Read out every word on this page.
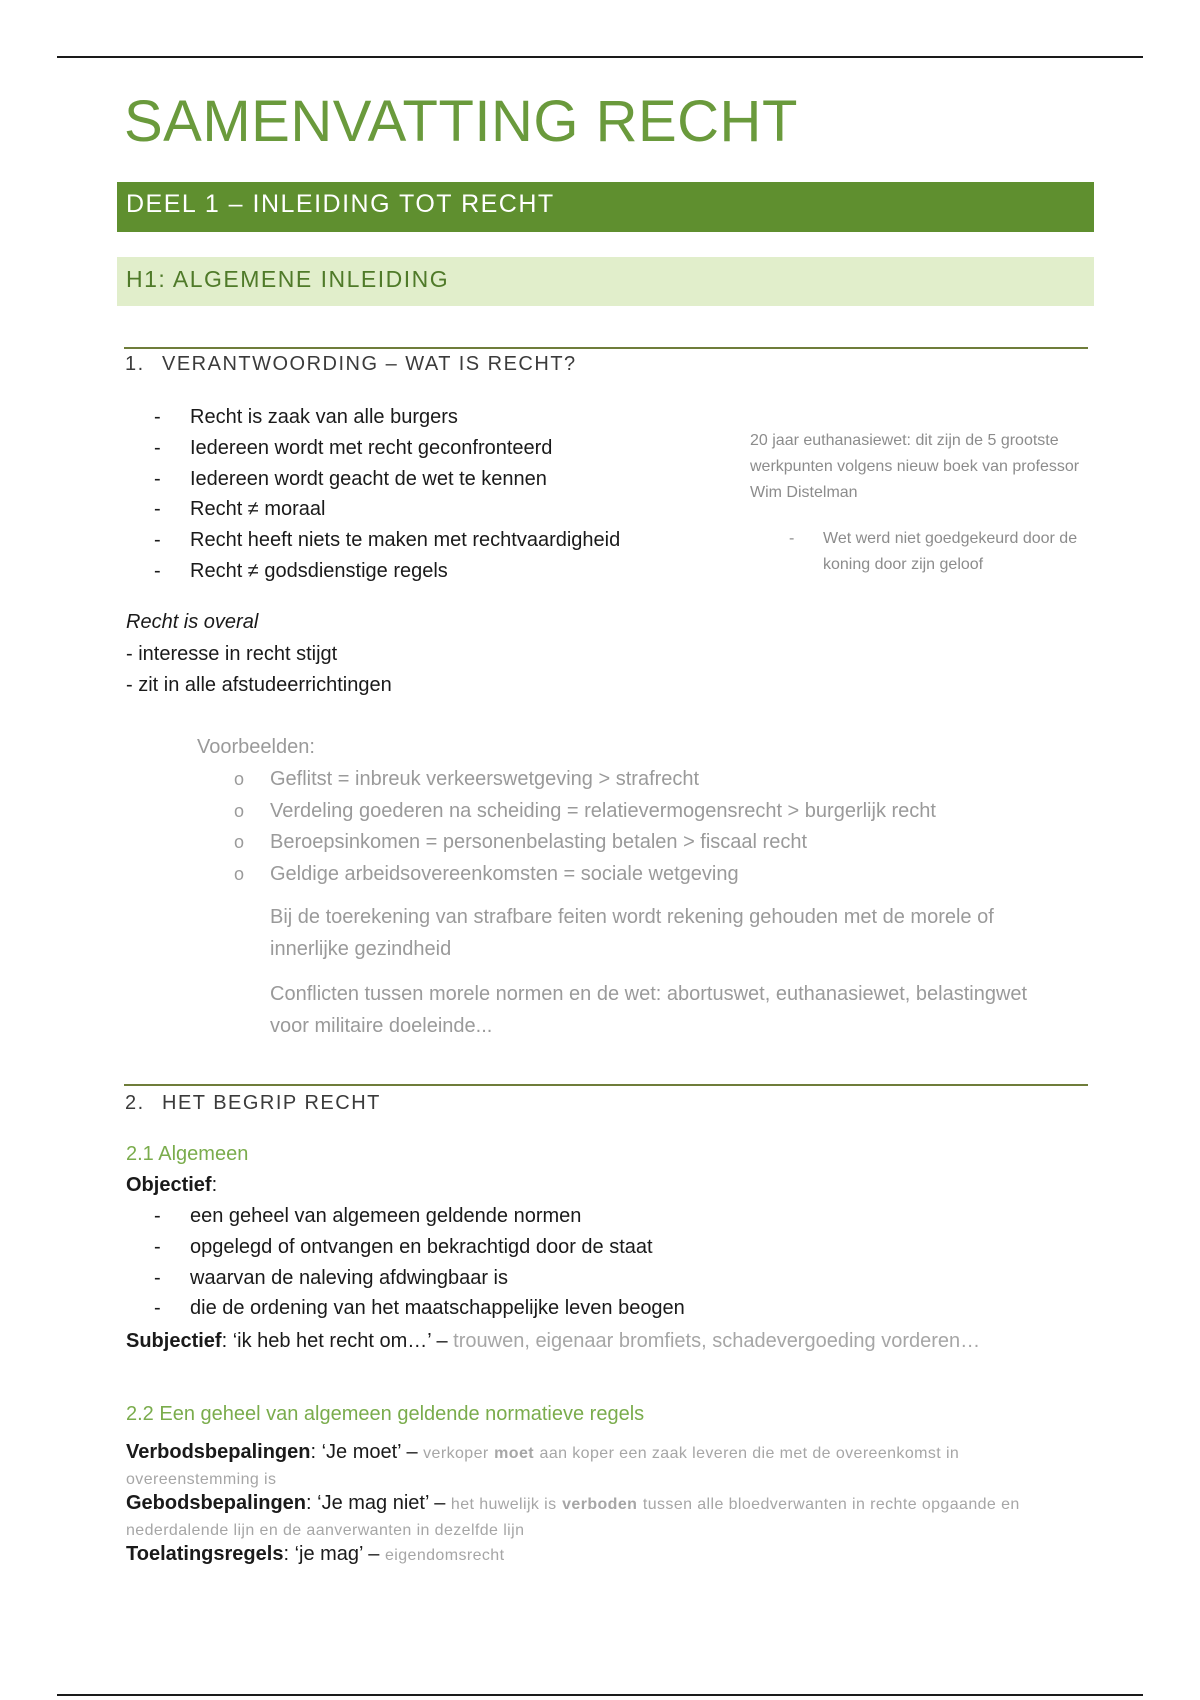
SAMENVATTING RECHT
DEEL 1 – INLEIDING TOT RECHT
H1: ALGEMENE INLEIDING
1. VERANTWOORDING – WAT IS RECHT?
- Recht is zaak van alle burgers
- Iedereen wordt met recht geconfronteerd
- Iedereen wordt geacht de wet te kennen
- Recht ≠ moraal
- Recht heeft niets te maken met rechtvaardigheid
- Recht ≠ godsdienstige regels
20 jaar euthanasiewet: dit zijn de 5 grootste werkpunten volgens nieuw boek van professor Wim Distelman
- Wet werd niet goedgekeurd door de koning door zijn geloof
Recht is overal
- interesse in recht stijgt
- zit in alle afstudeerrichtingen
Voorbeelden:
o Geflitst = inbreuk verkeerswetgeving > strafrecht
o Verdeling goederen na scheiding = relatievermogensrecht > burgerlijk recht
o Beroepsinkomen = personenbelasting betalen > fiscaal recht
o Geldige arbeidsovereenkomsten = sociale wetgeving
Bij de toerekening van strafbare feiten wordt rekening gehouden met de morele of innerlijke gezindheid
Conflicten tussen morele normen en de wet: abortuswet, euthanasiewet, belastingwet voor militaire doeleinde...
2. HET BEGRIP RECHT
2.1 Algemeen
Objectief:
- een geheel van algemeen geldende normen
- opgelegd of ontvangen en bekrachtigd door de staat
- waarvan de naleving afdwingbaar is
- die de ordening van het maatschappelijke leven beogen
Subjectief: ‘ik heb het recht om…’ – trouwen, eigenaar bromfiets, schadevergoeding vorderen…
2.2 Een geheel van algemeen geldende normatieve regels
Verbodsbepalingen: ‘Je moet’ – verkoper moet aan koper een zaak leveren die met de overeenkomst in overeenstemming is
Gebodsbepalingen: ‘Je mag niet’ – het huwelijk is verboden tussen alle bloedverwanten in rechte opgaande en nederdalende lijn en de aanverwanten in dezelfde lijn
Toelatingsregels: ‘je mag’ – eigendomsrecht
